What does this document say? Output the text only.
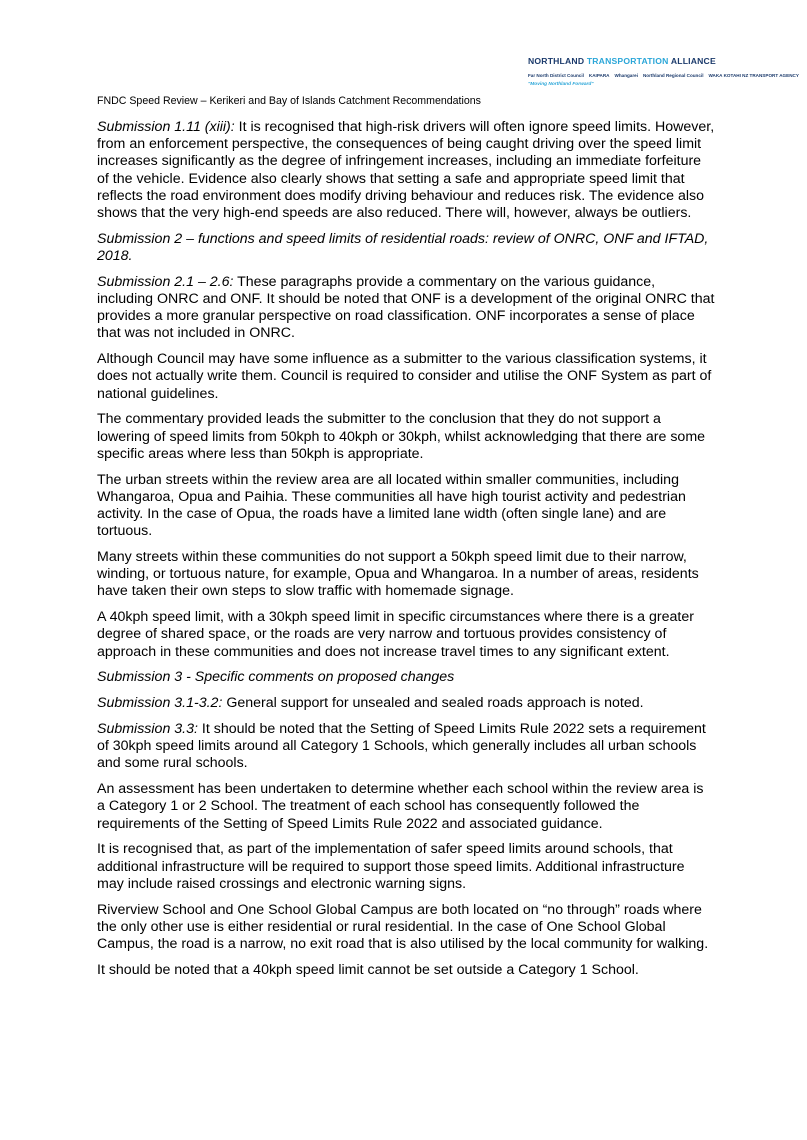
NORTHLAND TRANSPORTATION ALLIANCE
Far North District Council KAIPARA Whangarei Northland Regional Council WAKA KOTAHI NZ TRANSPORT AGENCY
"Moving Northland Forward"
FNDC Speed Review – Kerikeri and Bay of Islands Catchment Recommendations

Submission 1.11 (xiii): It is recognised that high-risk drivers will often ignore speed limits. However, from an enforcement perspective, the consequences of being caught driving over the speed limit increases significantly as the degree of infringement increases, including an immediate forfeiture of the vehicle. Evidence also clearly shows that setting a safe and appropriate speed limit that reflects the road environment does modify driving behaviour and reduces risk. The evidence also shows that the very high-end speeds are also reduced. There will, however, always be outliers.

Submission 2 – functions and speed limits of residential roads: review of ONRC, ONF and IFTAD, 2018.

Submission 2.1 – 2.6: These paragraphs provide a commentary on the various guidance, including ONRC and ONF. It should be noted that ONF is a development of the original ONRC that provides a more granular perspective on road classification. ONF incorporates a sense of place that was not included in ONRC.

Although Council may have some influence as a submitter to the various classification systems, it does not actually write them. Council is required to consider and utilise the ONF System as part of national guidelines.

The commentary provided leads the submitter to the conclusion that they do not support a lowering of speed limits from 50kph to 40kph or 30kph, whilst acknowledging that there are some specific areas where less than 50kph is appropriate.

The urban streets within the review area are all located within smaller communities, including Whangaroa, Opua and Paihia. These communities all have high tourist activity and pedestrian activity. In the case of Opua, the roads have a limited lane width (often single lane) and are tortuous.

Many streets within these communities do not support a 50kph speed limit due to their narrow, winding, or tortuous nature, for example, Opua and Whangaroa. In a number of areas, residents have taken their own steps to slow traffic with homemade signage.

A 40kph speed limit, with a 30kph speed limit in specific circumstances where there is a greater degree of shared space, or the roads are very narrow and tortuous provides consistency of approach in these communities and does not increase travel times to any significant extent.

Submission 3 - Specific comments on proposed changes

Submission 3.1-3.2: General support for unsealed and sealed roads approach is noted.

Submission 3.3: It should be noted that the Setting of Speed Limits Rule 2022 sets a requirement of 30kph speed limits around all Category 1 Schools, which generally includes all urban schools and some rural schools.

An assessment has been undertaken to determine whether each school within the review area is a Category 1 or 2 School. The treatment of each school has consequently followed the requirements of the Setting of Speed Limits Rule 2022 and associated guidance.

It is recognised that, as part of the implementation of safer speed limits around schools, that additional infrastructure will be required to support those speed limits. Additional infrastructure may include raised crossings and electronic warning signs.

Riverview School and One School Global Campus are both located on “no through” roads where the only other use is either residential or rural residential. In the case of One School Global Campus, the road is a narrow, no exit road that is also utilised by the local community for walking.

It should be noted that a 40kph speed limit cannot be set outside a Category 1 School.
